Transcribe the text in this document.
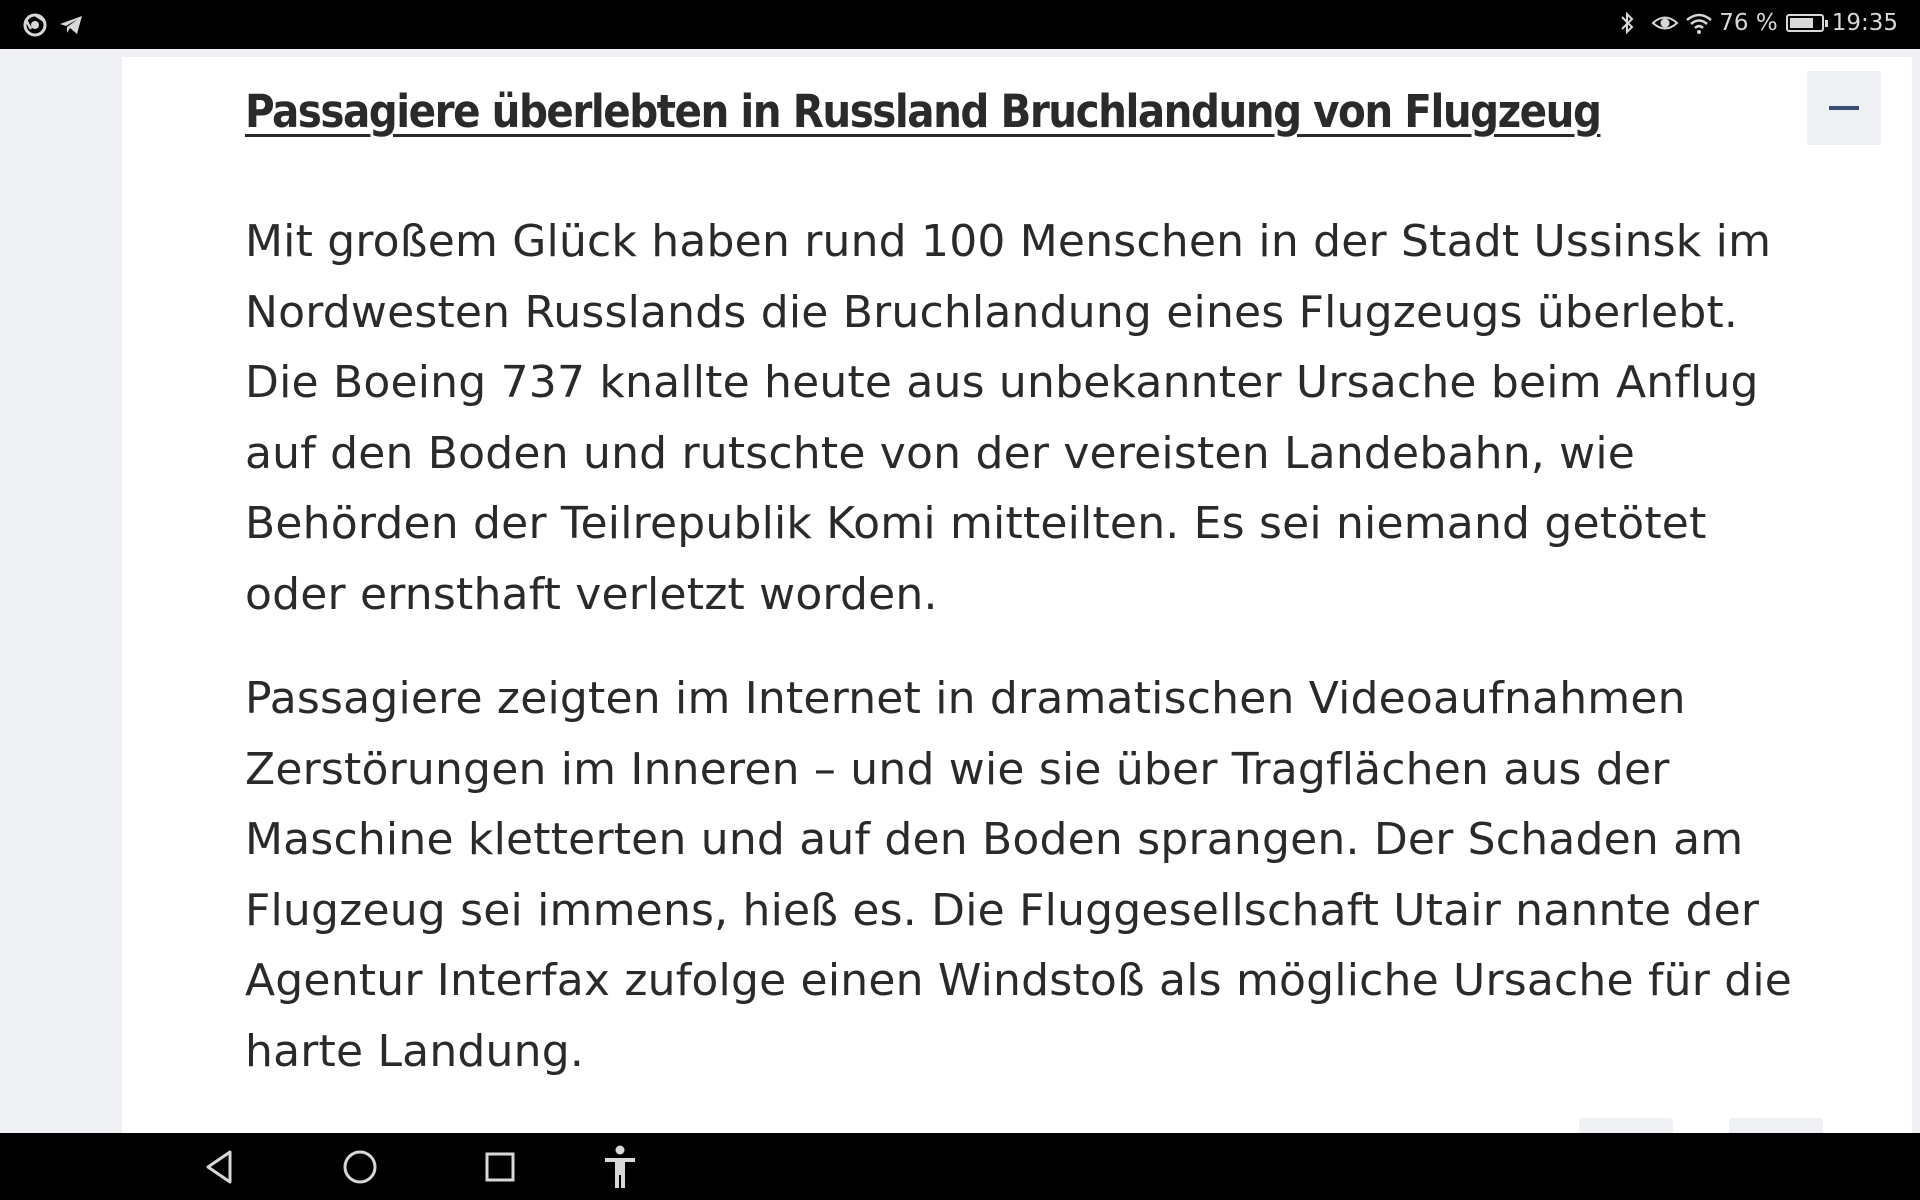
76 % 19:35
Passagiere überlebten in Russland Bruchlandung von Flugzeug

Mit großem Glück haben rund 100 Menschen in der Stadt Ussinsk im Nordwesten Russlands die Bruchlandung eines Flugzeugs überlebt. Die Boeing 737 knallte heute aus unbekannter Ursache beim Anflug auf den Boden und rutschte von der vereisten Landebahn, wie Behörden der Teilrepublik Komi mitteilten. Es sei niemand getötet oder ernsthaft verletzt worden.

Passagiere zeigten im Internet in dramatischen Videoaufnahmen Zerstörungen im Inneren – und wie sie über Tragflächen aus der Maschine kletterten und auf den Boden sprangen. Der Schaden am Flugzeug sei immens, hieß es. Die Fluggesellschaft Utair nannte der Agentur Interfax zufolge einen Windstoß als mögliche Ursache für die harte Landung.
